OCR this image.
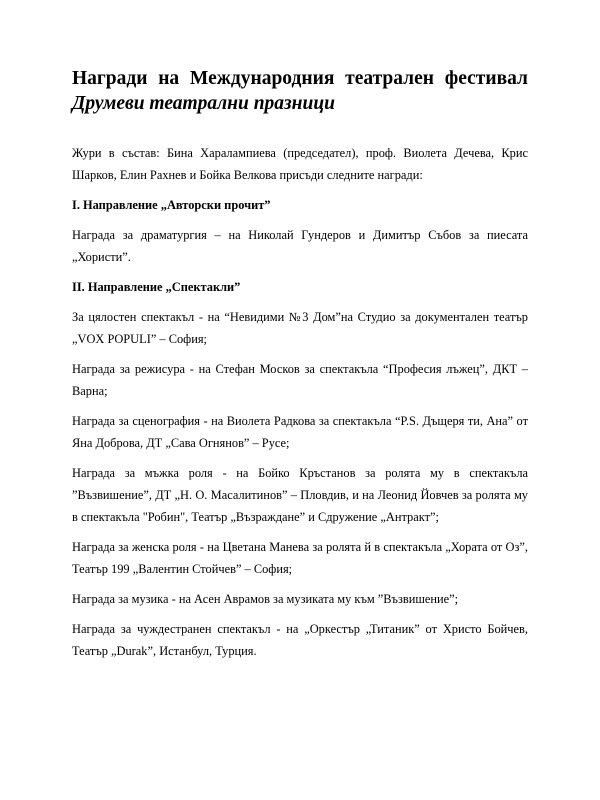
Награди на Международния театрален фестивал
Друмеви театрални празници

Жури в състав: Бина Харалампиева (председател), проф. Виолета Дечева, Крис Шарков, Елин Рахнев и Бойка Велкова присъди следните награди:

I. Направление „Авторски прочит”

Награда за драматургия – на Николай Гундеров и Димитър Събов за пиесата „Хористи”.

II. Направление „Спектакли”

За цялостен спектакъл - на “Невидими №3 Дом”на Студио за документален театър „VOX POPULI” – София;

Награда за режисура - на Стефан Москов за спектакъла “Професия лъжец”, ДКТ – Варна;

Награда за сценография - на Виолета Радкова за спектакъла “P.S. Дъщеря ти, Ана” от Яна Доброва, ДТ „Сава Огнянов” – Русе;

Награда за мъжка роля - на Бойко Кръстанов за ролята му в спектакъла ”Възвишение”, ДТ „Н. О. Масалитинов” – Пловдив, и на Леонид Йовчев за ролята му в спектакъла "Робин", Театър „Възраждане” и Сдружение „Антракт”;

Награда за женска роля - на Цветана Манева за ролята й в спектакъла „Хората от Оз”, Театър 199 „Валентин Стойчев” – София;

Награда за музика - на Асен Аврамов за музиката му към ”Възвишение”;

Награда за чуждестранен спектакъл - на „Оркестър „Титаник” от Христо Бойчев, Театър „Durak”, Истанбул, Турция.
